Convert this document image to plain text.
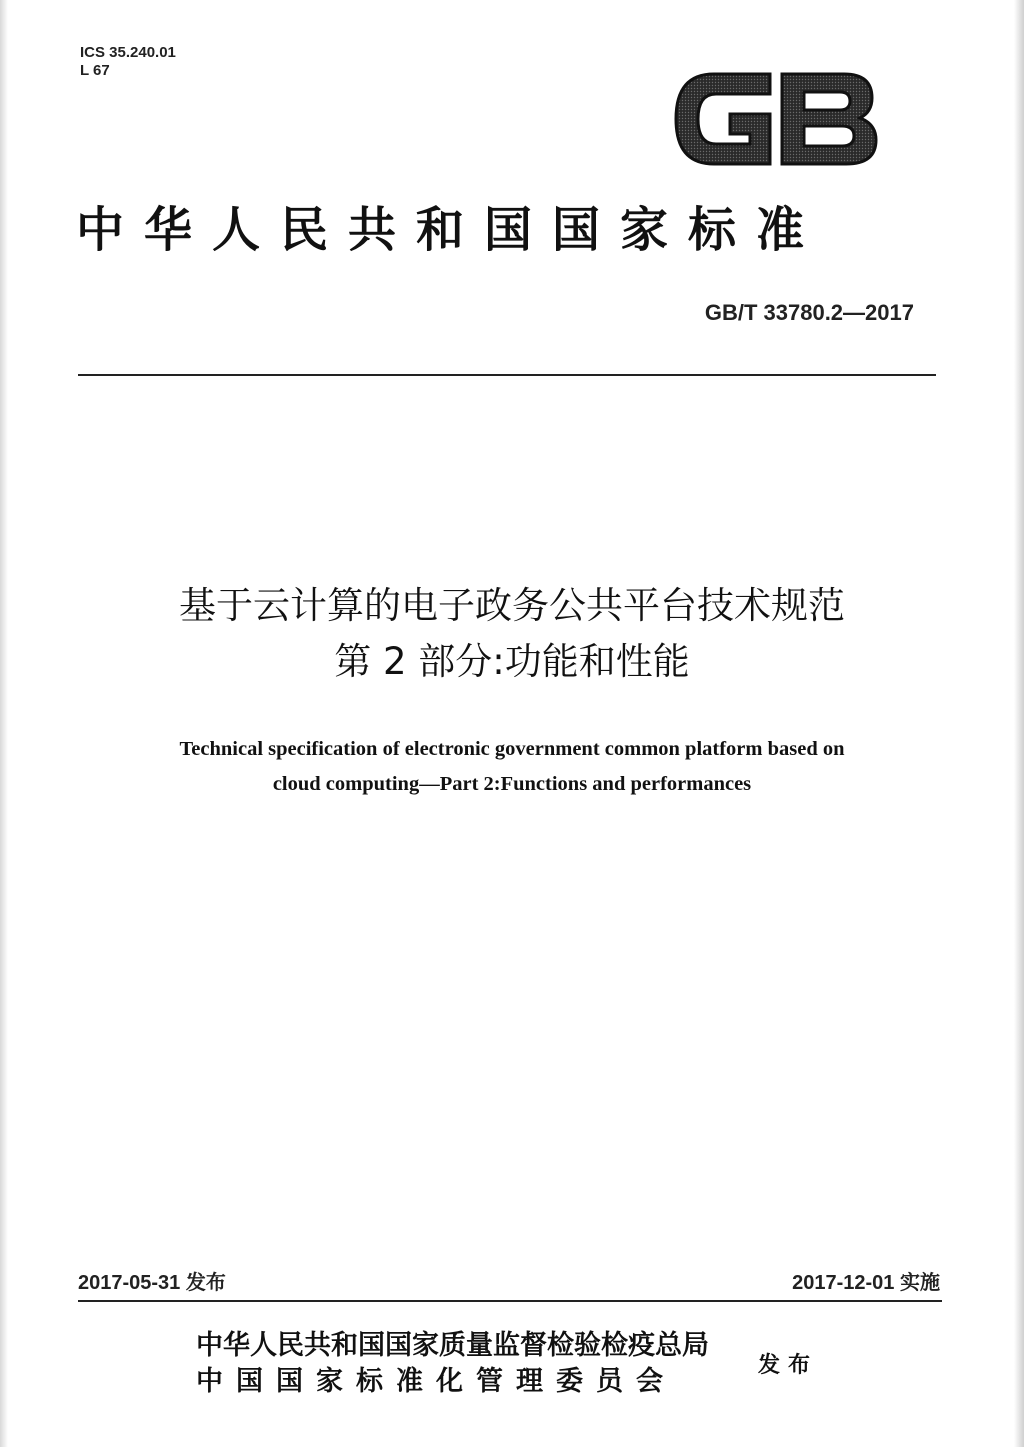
ICS 35.240.01
L 67
中华人民共和国国家标准
GB/T 33780.2—2017
基于云计算的电子政务公共平台技术规范
第 2 部分:功能和性能
Technical specification of electronic government common platform based on
cloud computing—Part 2:Functions and performances
2017-05-31 发布	2017-12-01 实施
中华人民共和国国家质量监督检验检疫总局
中国国家标准化管理委员会
发布
